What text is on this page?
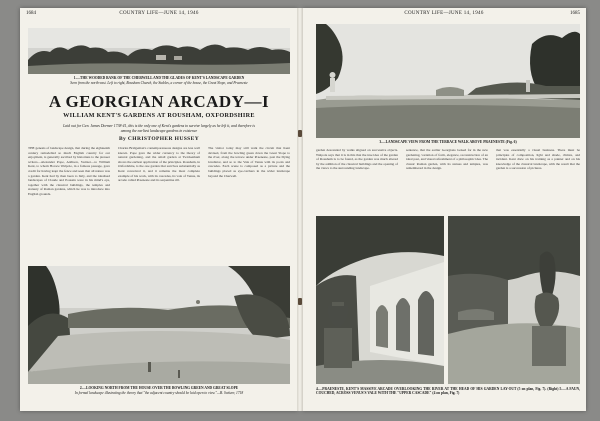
1684	COUNTRY LIFE—JUNE 14, 1946
1.—THE WOODED BANK OF THE CHERWELL AND THE GLADES OF KENT'S LANDSCAPE GARDEN
Seen from the north-east. Left to right, Rousham Church, the Stables, a corner of the house, the Great Slope, and Praeneste
A GEORGIAN ARCADY—I
WILLIAM KENT'S GARDENS AT ROUSHAM, OXFORDSHIRE
Laid out for Gen. James Dormer 1738-41, this is the only one of Kent's gardens to survive largely as he left it, and therefore is among the earliest landscape gardens in existence
By CHRISTOPHER HUSSEY
THE genesis of landscape design, that during the eighteenth century remodelled so much English country for our enjoyment, is generally ascribed by historians to the pioneer writers—Alexander Pope, Addison, Switzer—to William Kent, to whom Horace Walpole, in a famous passage, gave credit for having leapt the fence and seen that all nature was a garden. Kent had by then been to Italy, and the idealised landscapes of Claude and Poussin were in his mind's eye, together with the classical buildings, the temples and statuary of Roman gardens, which he was to introduce into English grounds.
Charles Bridgeman's contemporaneous designs are less well known. Pope gave the wider currency to the theory of natural gardening, and the small garden at Twickenham shows the earliest application of the principles. Rousham, in Oxfordshire, is the one garden that survives substantially as Kent conceived it, and it remains the most complete example of his work, with its cascades, its vale of Venus, its arcade called Praeneste and its serpentine rill.
The visitor today may still walk the circuit that Kent devised, from the bowling green down the Great Slope to the river, along the terrace under Praeneste, past the Dying Gladiator, and so to the Vale of Venus with its pools and cascades. Each scene is composed as a picture and the buildings placed as eye-catchers in the wider landscape beyond the Cherwell.
2.—LOOKING NORTH FROM THE HOUSE OVER THE BOWLING GREEN AND GREAT SLOPE
In formal landscape illustrating the theory that "the adjacent country should be laid open to view."—B. Switzer, 1718
COUNTRY LIFE—JUNE 14, 1946	1685
3.—LANDSCAPE VIEW FROM THE TERRACE WALK ABOVE PRAENESTE (Fig. 6)
garden descended by walks aligned on successive objects. Walpole says that it is in this that the true idea of the garden of Rousham is to be found, as the garden was much altered by the addition of the classical buildings and the opening of the views to the surrounding landscape.
sentence, that the earlier Georgians looked for in the new gardening, variation of form, elegance, reconstruction of an ideal past, and visual refreshment of a philosophic idea. The classic Roman garden, with its statues and temples, was remembered in the design.
that was essentially a visual business. There must be principles of composition, light and shade, climax, and incident. Kent drew on his training as a painter and on his knowledge of the classical landscape, with the result that the garden is a succession of pictures.
4.—PRAENESTE, KENT'S MASSIVE ARCADE OVERLOOKING THE RIVER AT THE HEAD OF HIS GARDEN LAY-OUT (5 on plan, Fig. 7). (Right) 5.—A FAUN, COUCHED, ACROSS VENUS'S VALE WITH THE "UPPER CASCADE" (4 on plan, Fig. 7)
